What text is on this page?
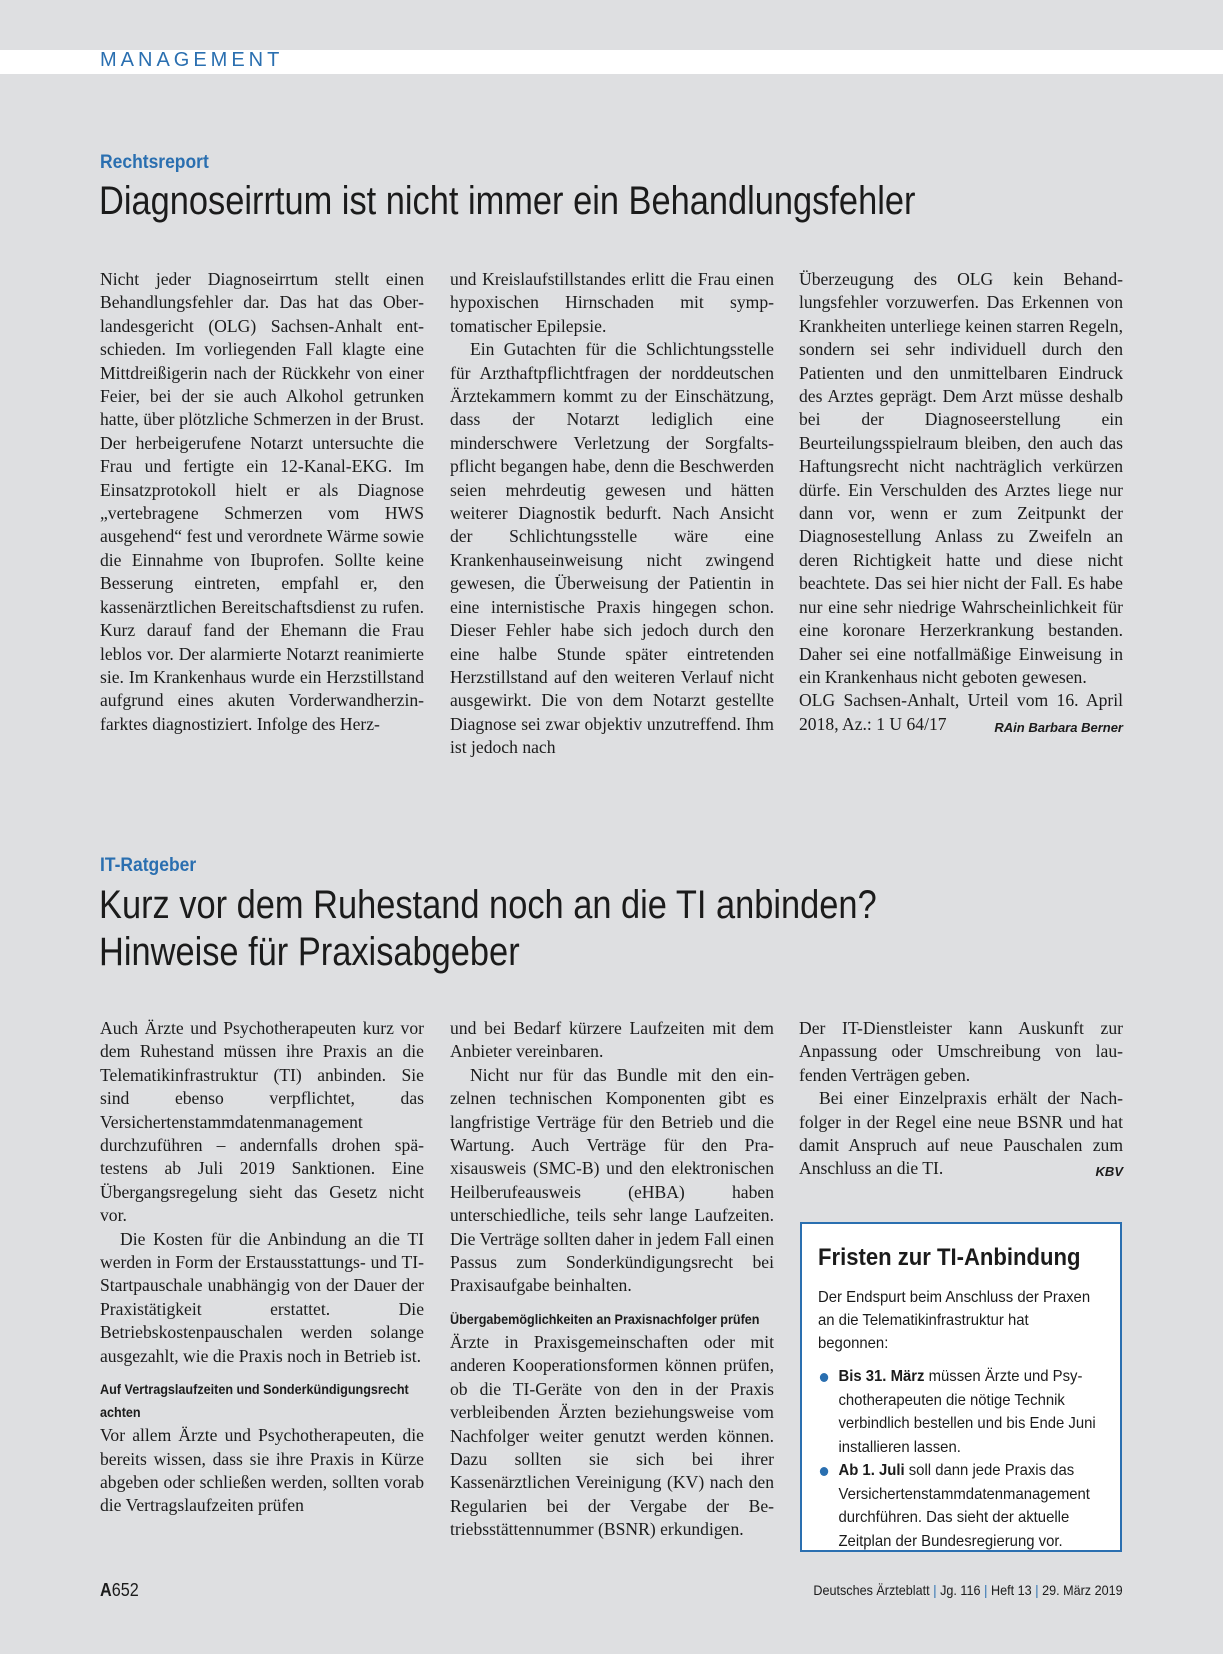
MANAGEMENT
Rechtsreport
Diagnoseirrtum ist nicht immer ein Behandlungsfehler

Nicht jeder Diagnoseirrtum stellt einen Behandlungsfehler dar. Das hat das Oberlandesgericht (OLG) Sachsen-Anhalt entschieden. Im vorliegenden Fall klagte eine Mittdreißigerin nach der Rückkehr von einer Feier, bei der sie auch Alkohol getrunken hatte, über plötzliche Schmerzen in der Brust. Der herbeigerufene Notarzt untersuchte die Frau und fertigte ein 12-Kanal-EKG. Im Einsatzprotokoll hielt er als Diagnose „vertebragene Schmerzen vom HWS ausgehend“ fest und verordnete Wärme sowie die Einnahme von Ibuprofen. Sollte keine Besserung eintreten, empfahl er, den kassenärztlichen Bereitschaftsdienst zu rufen. Kurz darauf fand der Ehemann die Frau leblos vor. Der alarmierte Notarzt reanimierte sie. Im Krankenhaus wurde ein Herzstillstand aufgrund eines akuten Vorderwandherzinfarktes diagnostiziert. Infolge des Herz-

und Kreislaufstillstandes erlitt die Frau einen hypoxischen Hirnschaden mit symptomatischer Epilepsie.

Ein Gutachten für die Schlichtungsstelle für Arzthaftpflichtfragen der norddeutschen Ärztekammern kommt zu der Einschätzung, dass der Notarzt lediglich eine minderschwere Verletzung der Sorgfaltspflicht begangen habe, denn die Beschwerden seien mehrdeutig gewesen und hätten weiterer Diagnostik bedurft. Nach Ansicht der Schlichtungsstelle wäre eine Krankenhauseinweisung nicht zwingend gewesen, die Überweisung der Patientin in eine internistische Praxis hingegen schon. Dieser Fehler habe sich jedoch durch den eine halbe Stunde später eintretenden Herzstillstand auf den weiteren Verlauf nicht ausgewirkt. Die von dem Notarzt gestellte Diagnose sei zwar objektiv unzutreffend. Ihm ist jedoch nach

Überzeugung des OLG kein Behandlungsfehler vorzuwerfen. Das Erkennen von Krankheiten unterliege keinen starren Regeln, sondern sei sehr individuell durch den Patienten und den unmittelbaren Eindruck des Arztes geprägt. Dem Arzt müsse deshalb bei der Diagnoseerstellung ein Beurteilungsspielraum bleiben, den auch das Haftungsrecht nicht nachträglich verkürzen dürfe. Ein Verschulden des Arztes liege nur dann vor, wenn er zum Zeitpunkt der Diagnosestellung Anlass zu Zweifeln an deren Richtigkeit hatte und diese nicht beachtete. Das sei hier nicht der Fall. Es habe nur eine sehr niedrige Wahrscheinlichkeit für eine koronare Herzerkrankung bestanden. Daher sei eine notfallmäßige Einweisung in ein Krankenhaus nicht geboten gewesen.

OLG Sachsen-Anhalt, Urteil vom 16. April 2018, Az.: 1 U 64/17	RAin Barbara Berner

IT-Ratgeber
Kurz vor dem Ruhestand noch an die TI anbinden?
Hinweise für Praxisabgeber

Auch Ärzte und Psychotherapeuten kurz vor dem Ruhestand müssen ihre Praxis an die Telematikinfrastruktur (TI) anbinden. Sie sind ebenso verpflichtet, das Versichertenstammdatenmanagement durchzuführen – andernfalls drohen spätestens ab Juli 2019 Sanktionen. Eine Übergangsregelung sieht das Gesetz nicht vor.

Die Kosten für die Anbindung an die TI werden in Form der Erstausstattungs- und TI-Startpauschale unabhängig von der Dauer der Praxistätigkeit erstattet. Die Betriebskostenpauschalen werden solange ausgezahlt, wie die Praxis noch in Betrieb ist.

Auf Vertragslaufzeiten und Sonderkündigungsrecht achten

Vor allem Ärzte und Psychotherapeuten, die bereits wissen, dass sie ihre Praxis in Kürze abgeben oder schließen werden, sollten vorab die Vertragslaufzeiten prüfen

und bei Bedarf kürzere Laufzeiten mit dem Anbieter vereinbaren.

Nicht nur für das Bundle mit den einzelnen technischen Komponenten gibt es langfristige Verträge für den Betrieb und die Wartung. Auch Verträge für den Praxisausweis (SMC-B) und den elektronischen Heilberufeausweis (eHBA) haben unterschiedliche, teils sehr lange Laufzeiten. Die Verträge sollten daher in jedem Fall einen Passus zum Sonderkündigungsrecht bei Praxisaufgabe beinhalten.

Übergabemöglichkeiten an Praxisnachfolger prüfen

Ärzte in Praxisgemeinschaften oder mit anderen Kooperationsformen können prüfen, ob die TI-Geräte von den in der Praxis verbleibenden Ärzten beziehungsweise vom Nachfolger weiter genutzt werden können. Dazu sollten sie sich bei ihrer Kassenärztlichen Vereinigung (KV) nach den Regularien bei der Vergabe der Betriebsstättennummer (BSNR) erkundigen.

Der IT-Dienstleister kann Auskunft zur Anpassung oder Umschreibung von laufenden Verträgen geben.

Bei einer Einzelpraxis erhält der Nachfolger in der Regel eine neue BSNR und hat damit Anspruch auf neue Pauschalen zum Anschluss an die TI.	KBV

Fristen zur TI-Anbindung
Der Endspurt beim Anschluss der Praxen an die Telematikinfrastruktur hat begonnen:
Bis 31. März müssen Ärzte und Psychotherapeuten die nötige Technik verbindlich bestellen und bis Ende Juni installieren lassen.
Ab 1. Juli soll dann jede Praxis das Versichertenstammdatenmanagement durchführen. Das sieht der aktuelle Zeitplan der Bundesregierung vor.
A652	Deutsches Ärzteblatt | Jg. 116 | Heft 13 | 29. März 2019
